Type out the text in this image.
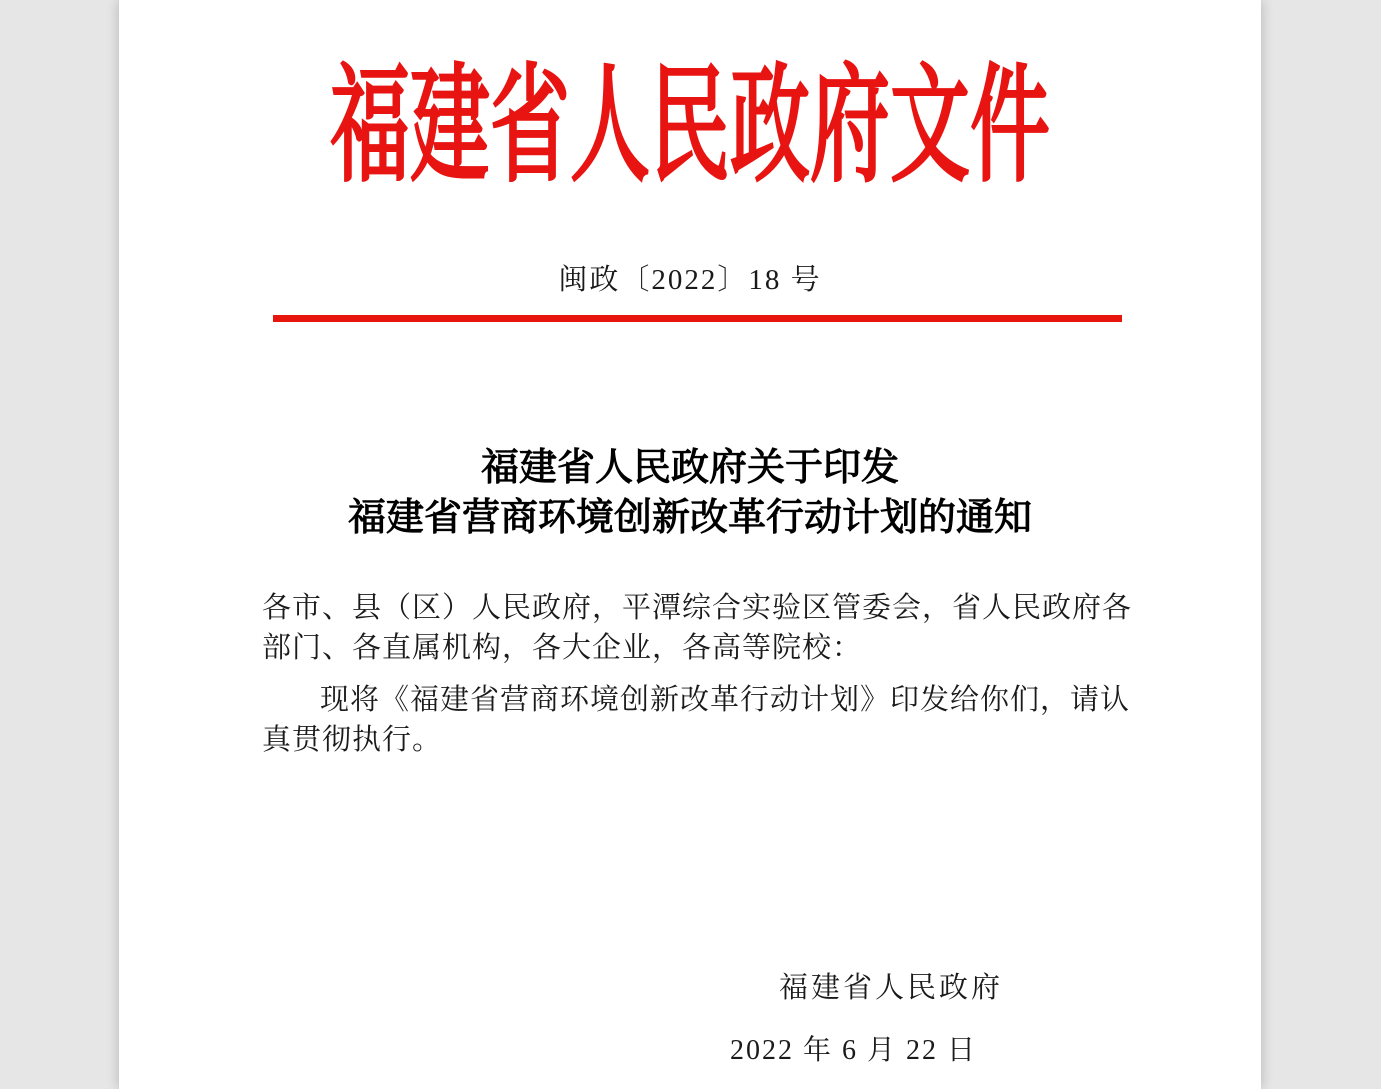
福建省人民政府文件
闽政〔2022〕18 号
福建省人民政府关于印发
福建省营商环境创新改革行动计划的通知
各市、县（区）人民政府，平潭综合实验区管委会，省人民政府各
部门、各直属机构，各大企业，各高等院校：
现将《福建省营商环境创新改革行动计划》印发给你们，请认
真贯彻执行。
福建省人民政府
2022 年 6 月 22 日
